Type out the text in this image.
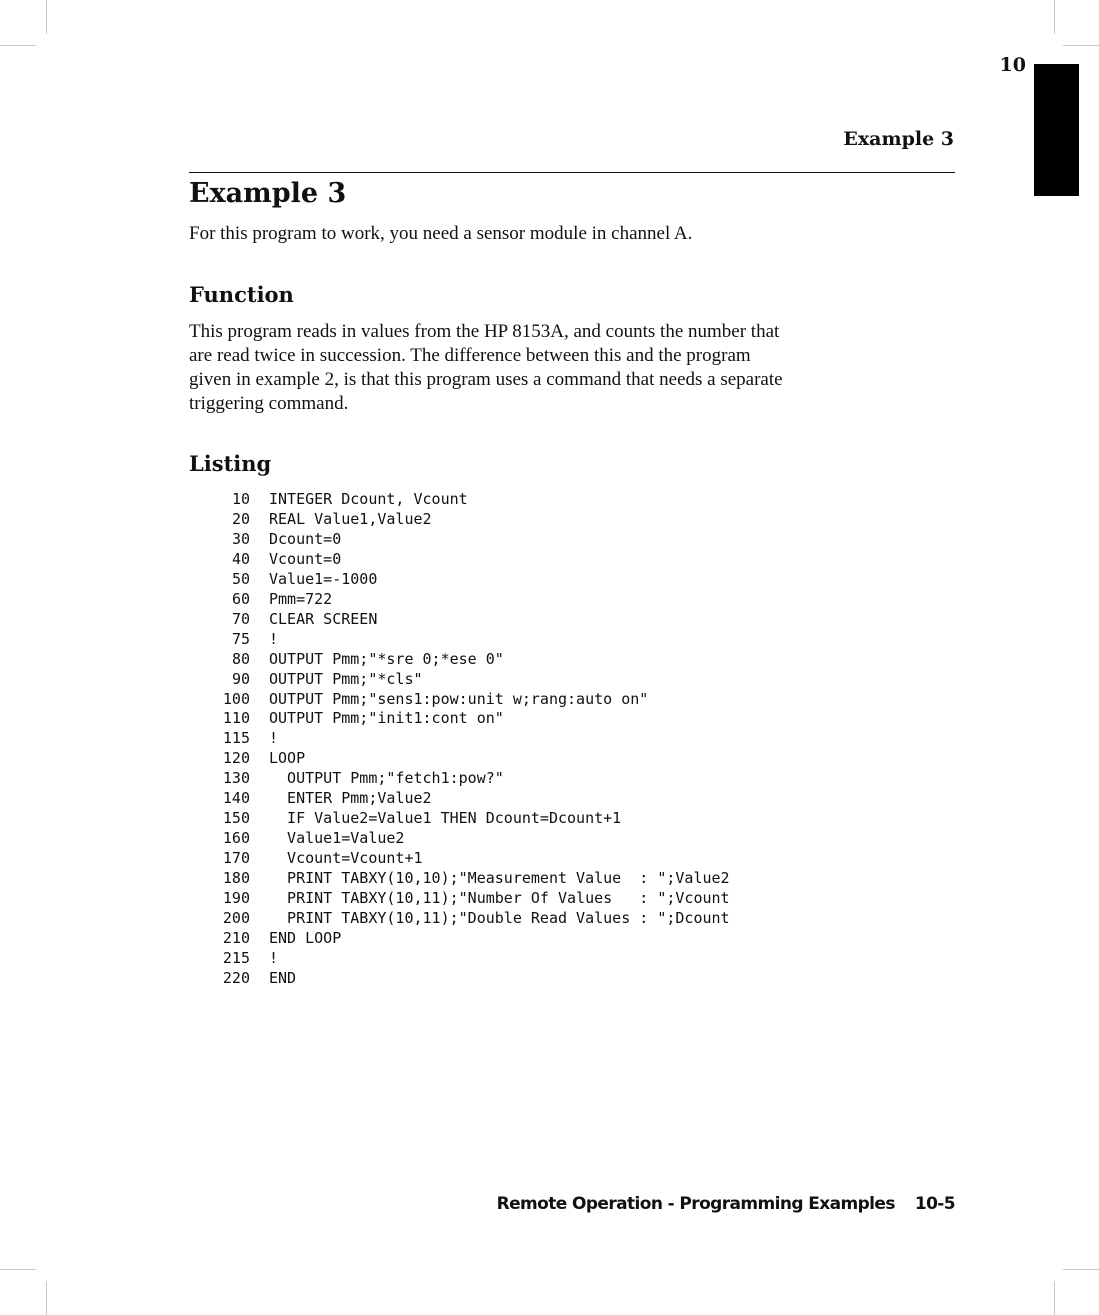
10
Example 3
Example 3

For this program to work, you need a sensor module in channel A.

Function

This program reads in values from the HP 8153A, and counts the number that
are read twice in succession. The difference between this and the program
given in example 2, is that this program uses a command that needs a separate
triggering command.

Listing
10 INTEGER Dcount, Vcount
20 REAL Value1,Value2
30 Dcount=0
40 Vcount=0
50 Value1=-1000
60 Pmm=722
70 CLEAR SCREEN
75 !
80 OUTPUT Pmm;"*sre 0;*ese 0"
90 OUTPUT Pmm;"*cls"
100 OUTPUT Pmm;"sens1:pow:unit w;rang:auto on"
110 OUTPUT Pmm;"init1:cont on"
115 !
120 LOOP
130 OUTPUT Pmm;"fetch1:pow?"
140 ENTER Pmm;Value2
150 IF Value2=Value1 THEN Dcount=Dcount+1
160 Value1=Value2
170 Vcount=Vcount+1
180 PRINT TABXY(10,10);"Measurement Value  : ";Value2
190 PRINT TABXY(10,11);"Number Of Values   : ";Vcount
200 PRINT TABXY(10,11);"Double Read Values : ";Dcount
210 END LOOP
215 !
220 END
Remote Operation - Programming Examples 10-5
